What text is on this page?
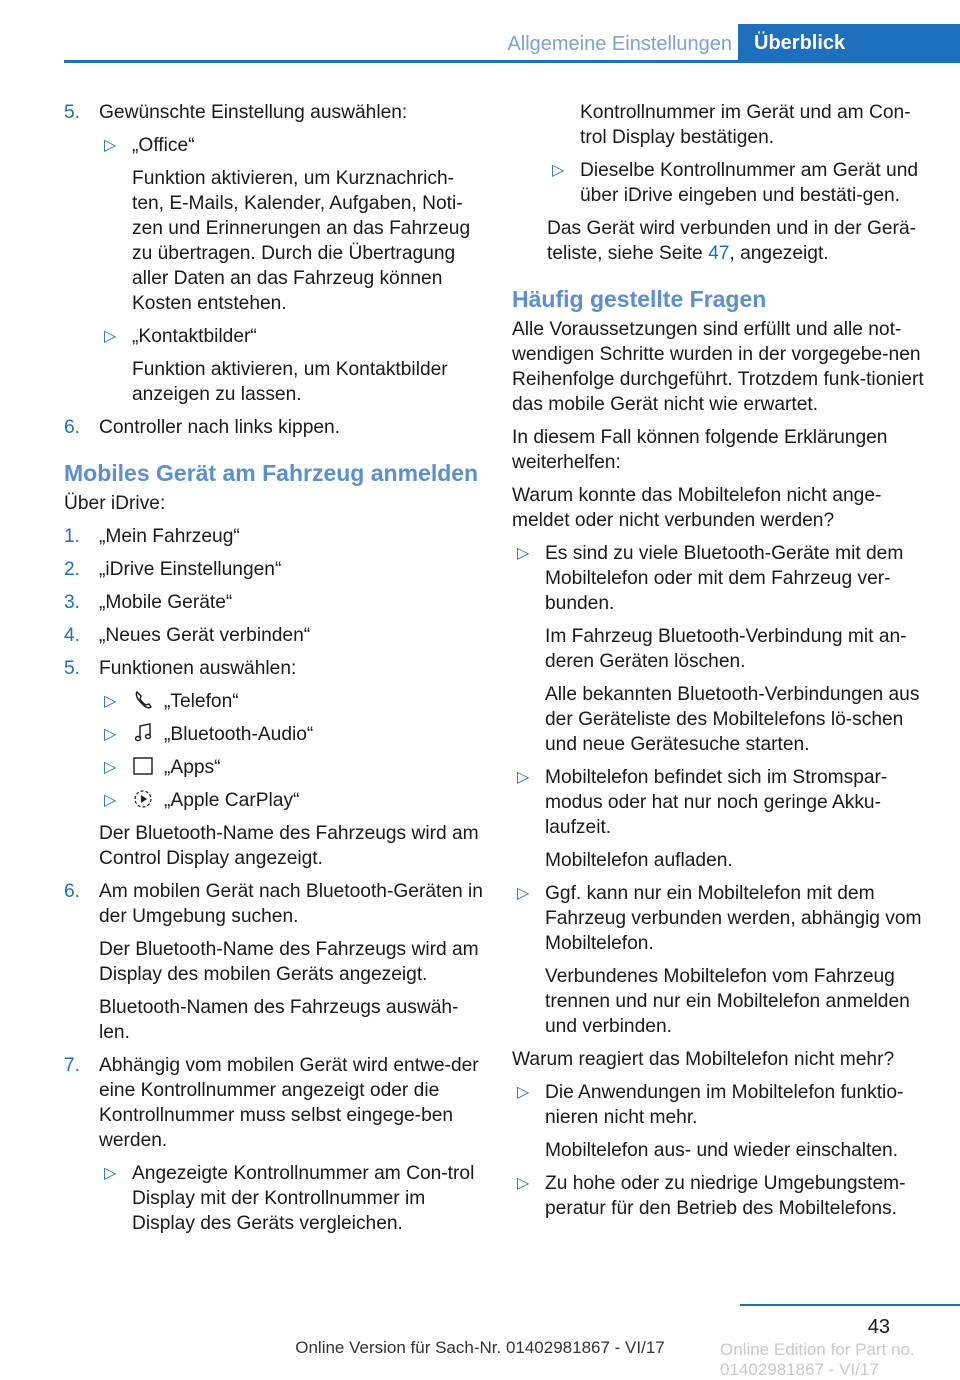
Allgemeine Einstellungen	Überblick
5. Gewünschte Einstellung auswählen:
▷ „Office“
Funktion aktivieren, um Kurznachrich-ten, E-Mails, Kalender, Aufgaben, Noti-zen und Erinnerungen an das Fahrzeug zu übertragen. Durch die Übertragung aller Daten an das Fahrzeug können Kosten entstehen.
▷ „Kontaktbilder“
Funktion aktivieren, um Kontaktbilder anzeigen zu lassen.
6. Controller nach links kippen.
Mobiles Gerät am Fahrzeug anmelden
Über iDrive:
1. „Mein Fahrzeug“
2. „iDrive Einstellungen“
3. „Mobile Geräte“
4. „Neues Gerät verbinden“
5. Funktionen auswählen:
▷ „Telefon“
▷ „Bluetooth-Audio“
▷ „Apps“
▷ „Apple CarPlay“
Der Bluetooth-Name des Fahrzeugs wird am Control Display angezeigt.
6. Am mobilen Gerät nach Bluetooth-Geräten in der Umgebung suchen.
Der Bluetooth-Name des Fahrzeugs wird am Display des mobilen Geräts angezeigt.
Bluetooth-Namen des Fahrzeugs auswäh-len.
7. Abhängig vom mobilen Gerät wird entwe-der eine Kontrollnummer angezeigt oder die Kontrollnummer muss selbst eingege-ben werden.
▷ Angezeigte Kontrollnummer am Con-trol Display mit der Kontrollnummer im Display des Geräts vergleichen.
Kontrollnummer im Gerät und am Con-trol Display bestätigen.
▷ Dieselbe Kontrollnummer am Gerät und über iDrive eingeben und bestäti-gen.
Das Gerät wird verbunden und in der Gerä-teliste, siehe Seite 47, angezeigt.
Häufig gestellte Fragen
Alle Voraussetzungen sind erfüllt und alle not-wendigen Schritte wurden in der vorgegebe-nen Reihenfolge durchgeführt. Trotzdem funk-tioniert das mobile Gerät nicht wie erwartet.
In diesem Fall können folgende Erklärungen weiterhelfen:
Warum konnte das Mobiltelefon nicht ange-meldet oder nicht verbunden werden?
▷ Es sind zu viele Bluetooth-Geräte mit dem Mobiltelefon oder mit dem Fahrzeug ver-bunden.
Im Fahrzeug Bluetooth-Verbindung mit an-deren Geräten löschen.
Alle bekannten Bluetooth-Verbindungen aus der Geräteliste des Mobiltelefons lö-schen und neue Gerätesuche starten.
▷ Mobiltelefon befindet sich im Stromspar-modus oder hat nur noch geringe Akku-laufzeit.
Mobiltelefon aufladen.
▷ Ggf. kann nur ein Mobiltelefon mit dem Fahrzeug verbunden werden, abhängig vom Mobiltelefon.
Verbundenes Mobiltelefon vom Fahrzeug trennen und nur ein Mobiltelefon anmelden und verbinden.
Warum reagiert das Mobiltelefon nicht mehr?
▷ Die Anwendungen im Mobiltelefon funktio-nieren nicht mehr.
Mobiltelefon aus- und wieder einschalten.
▷ Zu hohe oder zu niedrige Umgebungstem-peratur für den Betrieb des Mobiltelefons.
43
Online Edition for Part no. 01402981867 - VI/17
Online Version für Sach-Nr. 01402981867 - VI/17
